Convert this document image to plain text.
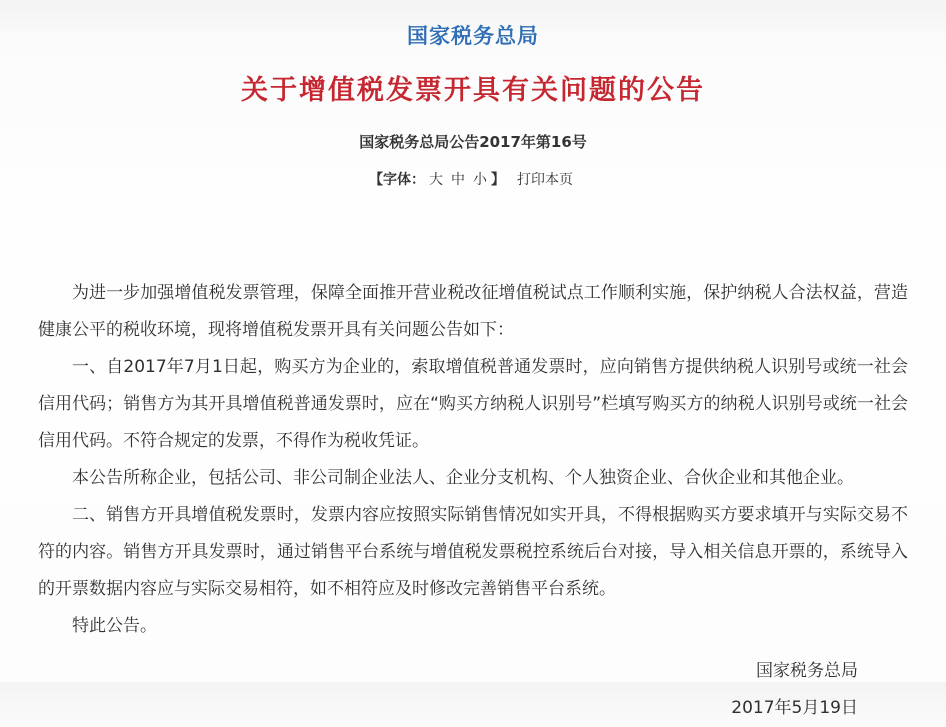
国家税务总局
关于增值税发票开具有关问题的公告
国家税务总局公告2017年第16号
【字体： 大 中 小 】 打印本页

为进一步加强增值税发票管理，保障全面推开营业税改征增值税试点工作顺利实施，保护纳税人合法权益，营造健康公平的税收环境，现将增值税发票开具有关问题公告如下：

一、自2017年7月1日起，购买方为企业的，索取增值税普通发票时，应向销售方提供纳税人识别号或统一社会信用代码；销售方为其开具增值税普通发票时，应在“购买方纳税人识别号”栏填写购买方的纳税人识别号或统一社会信用代码。不符合规定的发票，不得作为税收凭证。

本公告所称企业，包括公司、非公司制企业法人、企业分支机构、个人独资企业、合伙企业和其他企业。

二、销售方开具增值税发票时，发票内容应按照实际销售情况如实开具，不得根据购买方要求填开与实际交易不符的内容。销售方开具发票时，通过销售平台系统与增值税发票税控系统后台对接，导入相关信息开票的，系统导入的开票数据内容应与实际交易相符，如不相符应及时修改完善销售平台系统。

特此公告。

国家税务总局
2017年5月19日
